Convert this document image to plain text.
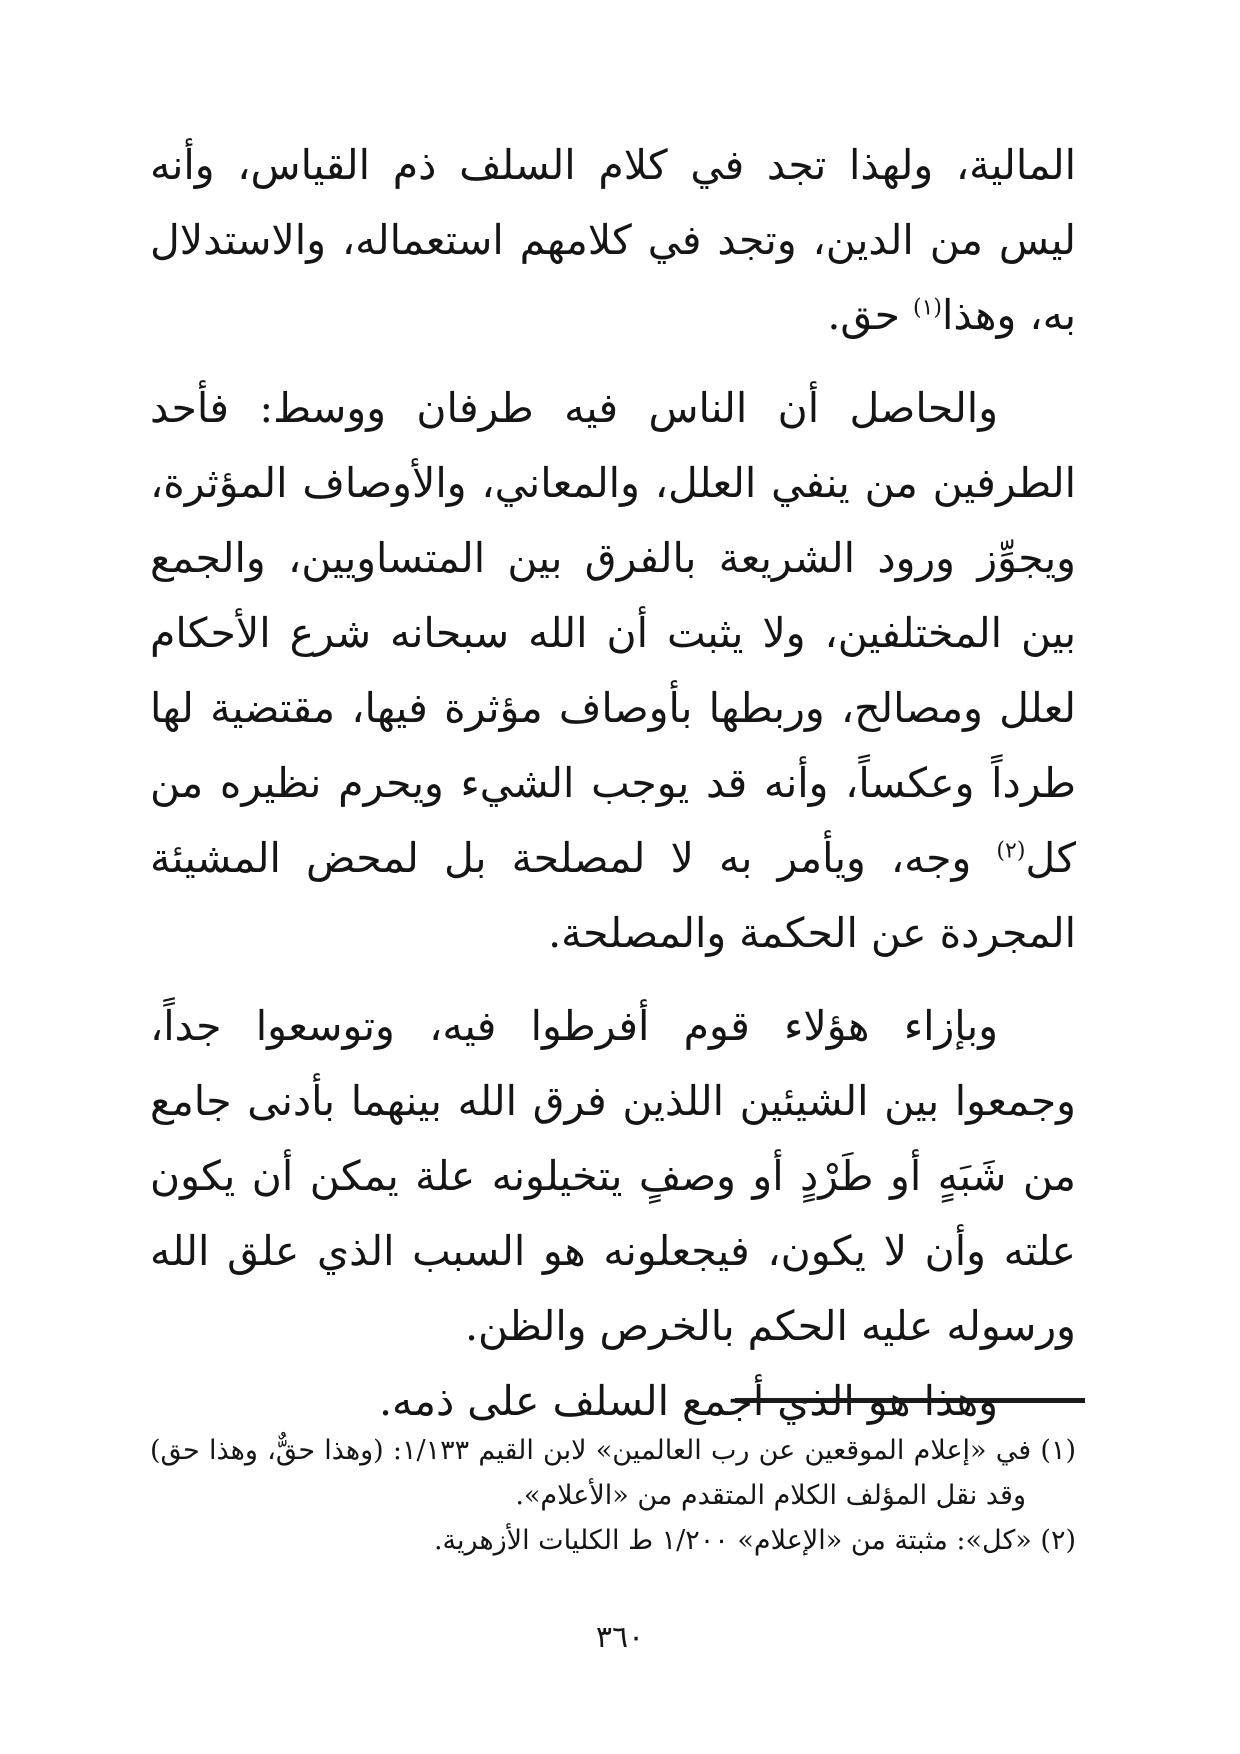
المالية، ولهذا تجد في كلام السلف ذم القياس، وأنه ليس من الدين، وتجد في كلامهم استعماله، والاستدلال به، وهذا$^{(١)}$ حق.

والحاصل أن الناس فيه طرفان ووسط: فأحد الطرفين من ينفي العلل، والمعاني، والأوصاف المؤثرة، ويجوِّز ورود الشريعة بالفرق بين المتساويين، والجمع بين المختلفين، ولا يثبت أن الله سبحانه شرع الأحكام لعلل ومصالح، وربطها بأوصاف مؤثرة فيها، مقتضية لها طرداً وعكساً، وأنه قد يوجب الشيء ويحرم نظيره من كل$^{(٢)}$ وجه، ويأمر به لا لمصلحة بل لمحض المشيئة المجردة عن الحكمة والمصلحة.

وبإزاء هؤلاء قوم أفرطوا فيه، وتوسعوا جداً، وجمعوا بين الشيئين اللذين فرق الله بينهما بأدنى جامع من شَبَهٍ أو طَرْدٍ أو وصفٍ يتخيلونه علة يمكن أن يكون علته وأن لا يكون، فيجعلونه هو السبب الذي علق الله ورسوله عليه الحكم بالخرص والظن.

وهذا هو الذي أجمع السلف على ذمه.

(١) في «إعلام الموقعين عن رب العالمين» لابن القيم ١/١٣٣: (وهذا حقٌّ، وهذا حق) وقد نقل المؤلف الكلام المتقدم من «الأعلام».

(٢) «كل»: مثبتة من «الإعلام» ١/٢٠٠ ط الكليات الأزهرية.

٣٦٠
